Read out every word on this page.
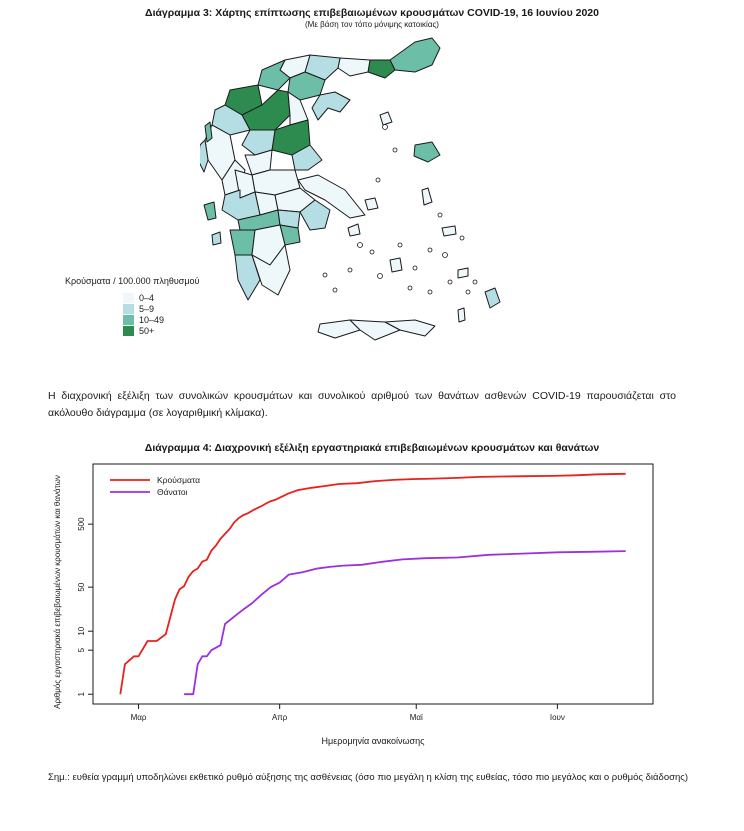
Διάγραμμα 3: Χάρτης επίπτωσης επιβεβαιωμένων κρουσμάτων COVID-19, 16 Ιουνίου 2020
(Με βάση τον τόπο μόνιμης κατοικίας)
Κρούσματα / 100.000 πληθυσμού
0–4
5–9
10–49
50+
Η διαχρονική εξέλιξη των συνολικών κρουσμάτων και συνολικού αριθμού των θανάτων ασθενών COVID-19 παρουσιάζεται στο ακόλουθο διάγραμμα (σε λογαριθμική κλίμακα).
Διάγραμμα 4: Διαχρονική εξέλιξη εργαστηριακά επιβεβαιωμένων κρουσμάτων και θανάτων
Μαρ	Απρ	Μαϊ	Ιουν
1
5
10
50
500
Κρούσματα
Θάνατοι
Ημερομηνία ανακοίνωσης
Αριθμός εργαστηριακά επιβεβαιωμένων κρουσμάτων και θανάτων
Σημ.: ευθεία γραμμή υποδηλώνει εκθετικό ρυθμό αύξησης της ασθένειας (όσο πιο μεγάλη η κλίση της ευθείας, τόσο πιο μεγάλος και ο ρυθμός διάδοσης)
